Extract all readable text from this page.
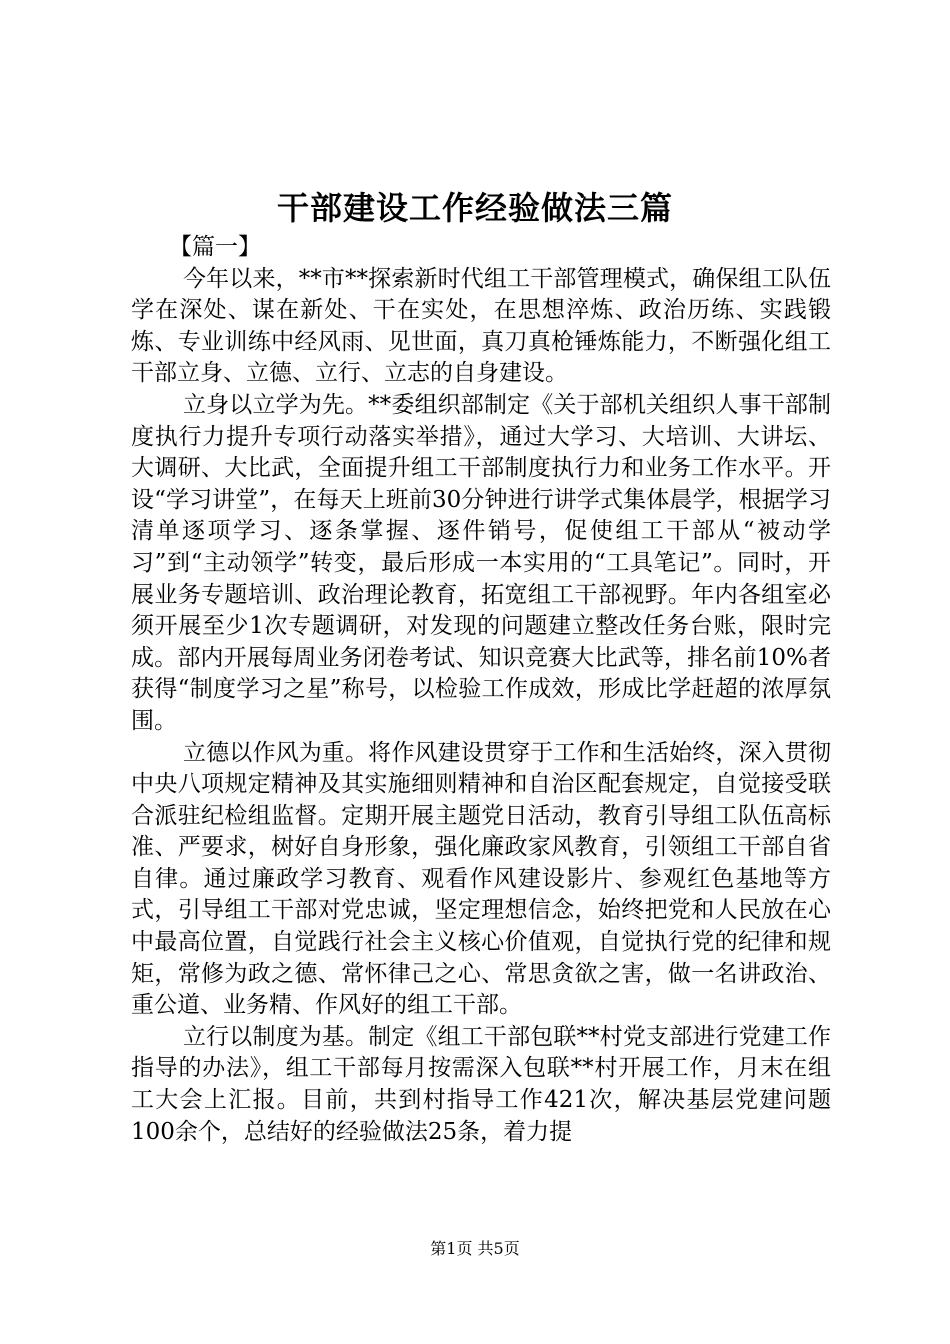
干部建设工作经验做法三篇

【篇一】

今年以来，**市**探索新时代组工干部管理模式，确保组工队伍学在深处、谋在新处、干在实处，在思想淬炼、政治历练、实践锻炼、专业训练中经风雨、见世面，真刀真枪锤炼能力，不断强化组工干部立身、立德、立行、立志的自身建设。

立身以立学为先。**委组织部制定《关于部机关组织人事干部制度执行力提升专项行动落实举措》，通过大学习、大培训、大讲坛、大调研、大比武，全面提升组工干部制度执行力和业务工作水平。开设“学习讲堂”，在每天上班前30分钟进行讲学式集体晨学，根据学习清单逐项学习、逐条掌握、逐件销号，促使组工干部从“被动学习”到“主动领学”转变，最后形成一本实用的“工具笔记”。同时，开展业务专题培训、政治理论教育，拓宽组工干部视野。年内各组室必须开展至少1次专题调研，对发现的问题建立整改任务台账，限时完成。部内开展每周业务闭卷考试、知识竞赛大比武等，排名前10%者获得“制度学习之星”称号，以检验工作成效，形成比学赶超的浓厚氛围。

立德以作风为重。将作风建设贯穿于工作和生活始终，深入贯彻中央八项规定精神及其实施细则精神和自治区配套规定，自觉接受联合派驻纪检组监督。定期开展主题党日活动，教育引导组工队伍高标准、严要求，树好自身形象，强化廉政家风教育，引领组工干部自省自律。通过廉政学习教育、观看作风建设影片、参观红色基地等方式，引导组工干部对党忠诚，坚定理想信念，始终把党和人民放在心中最高位置，自觉践行社会主义核心价值观，自觉执行党的纪律和规矩，常修为政之德、常怀律己之心、常思贪欲之害，做一名讲政治、重公道、业务精、作风好的组工干部。

立行以制度为基。制定《组工干部包联**村党支部进行党建工作指导的办法》，组工干部每月按需深入包联**村开展工作，月末在组工大会上汇报。目前，共到村指导工作421次，解决基层党建问题100余个，总结好的经验做法25条，着力提

第1页 共5页
